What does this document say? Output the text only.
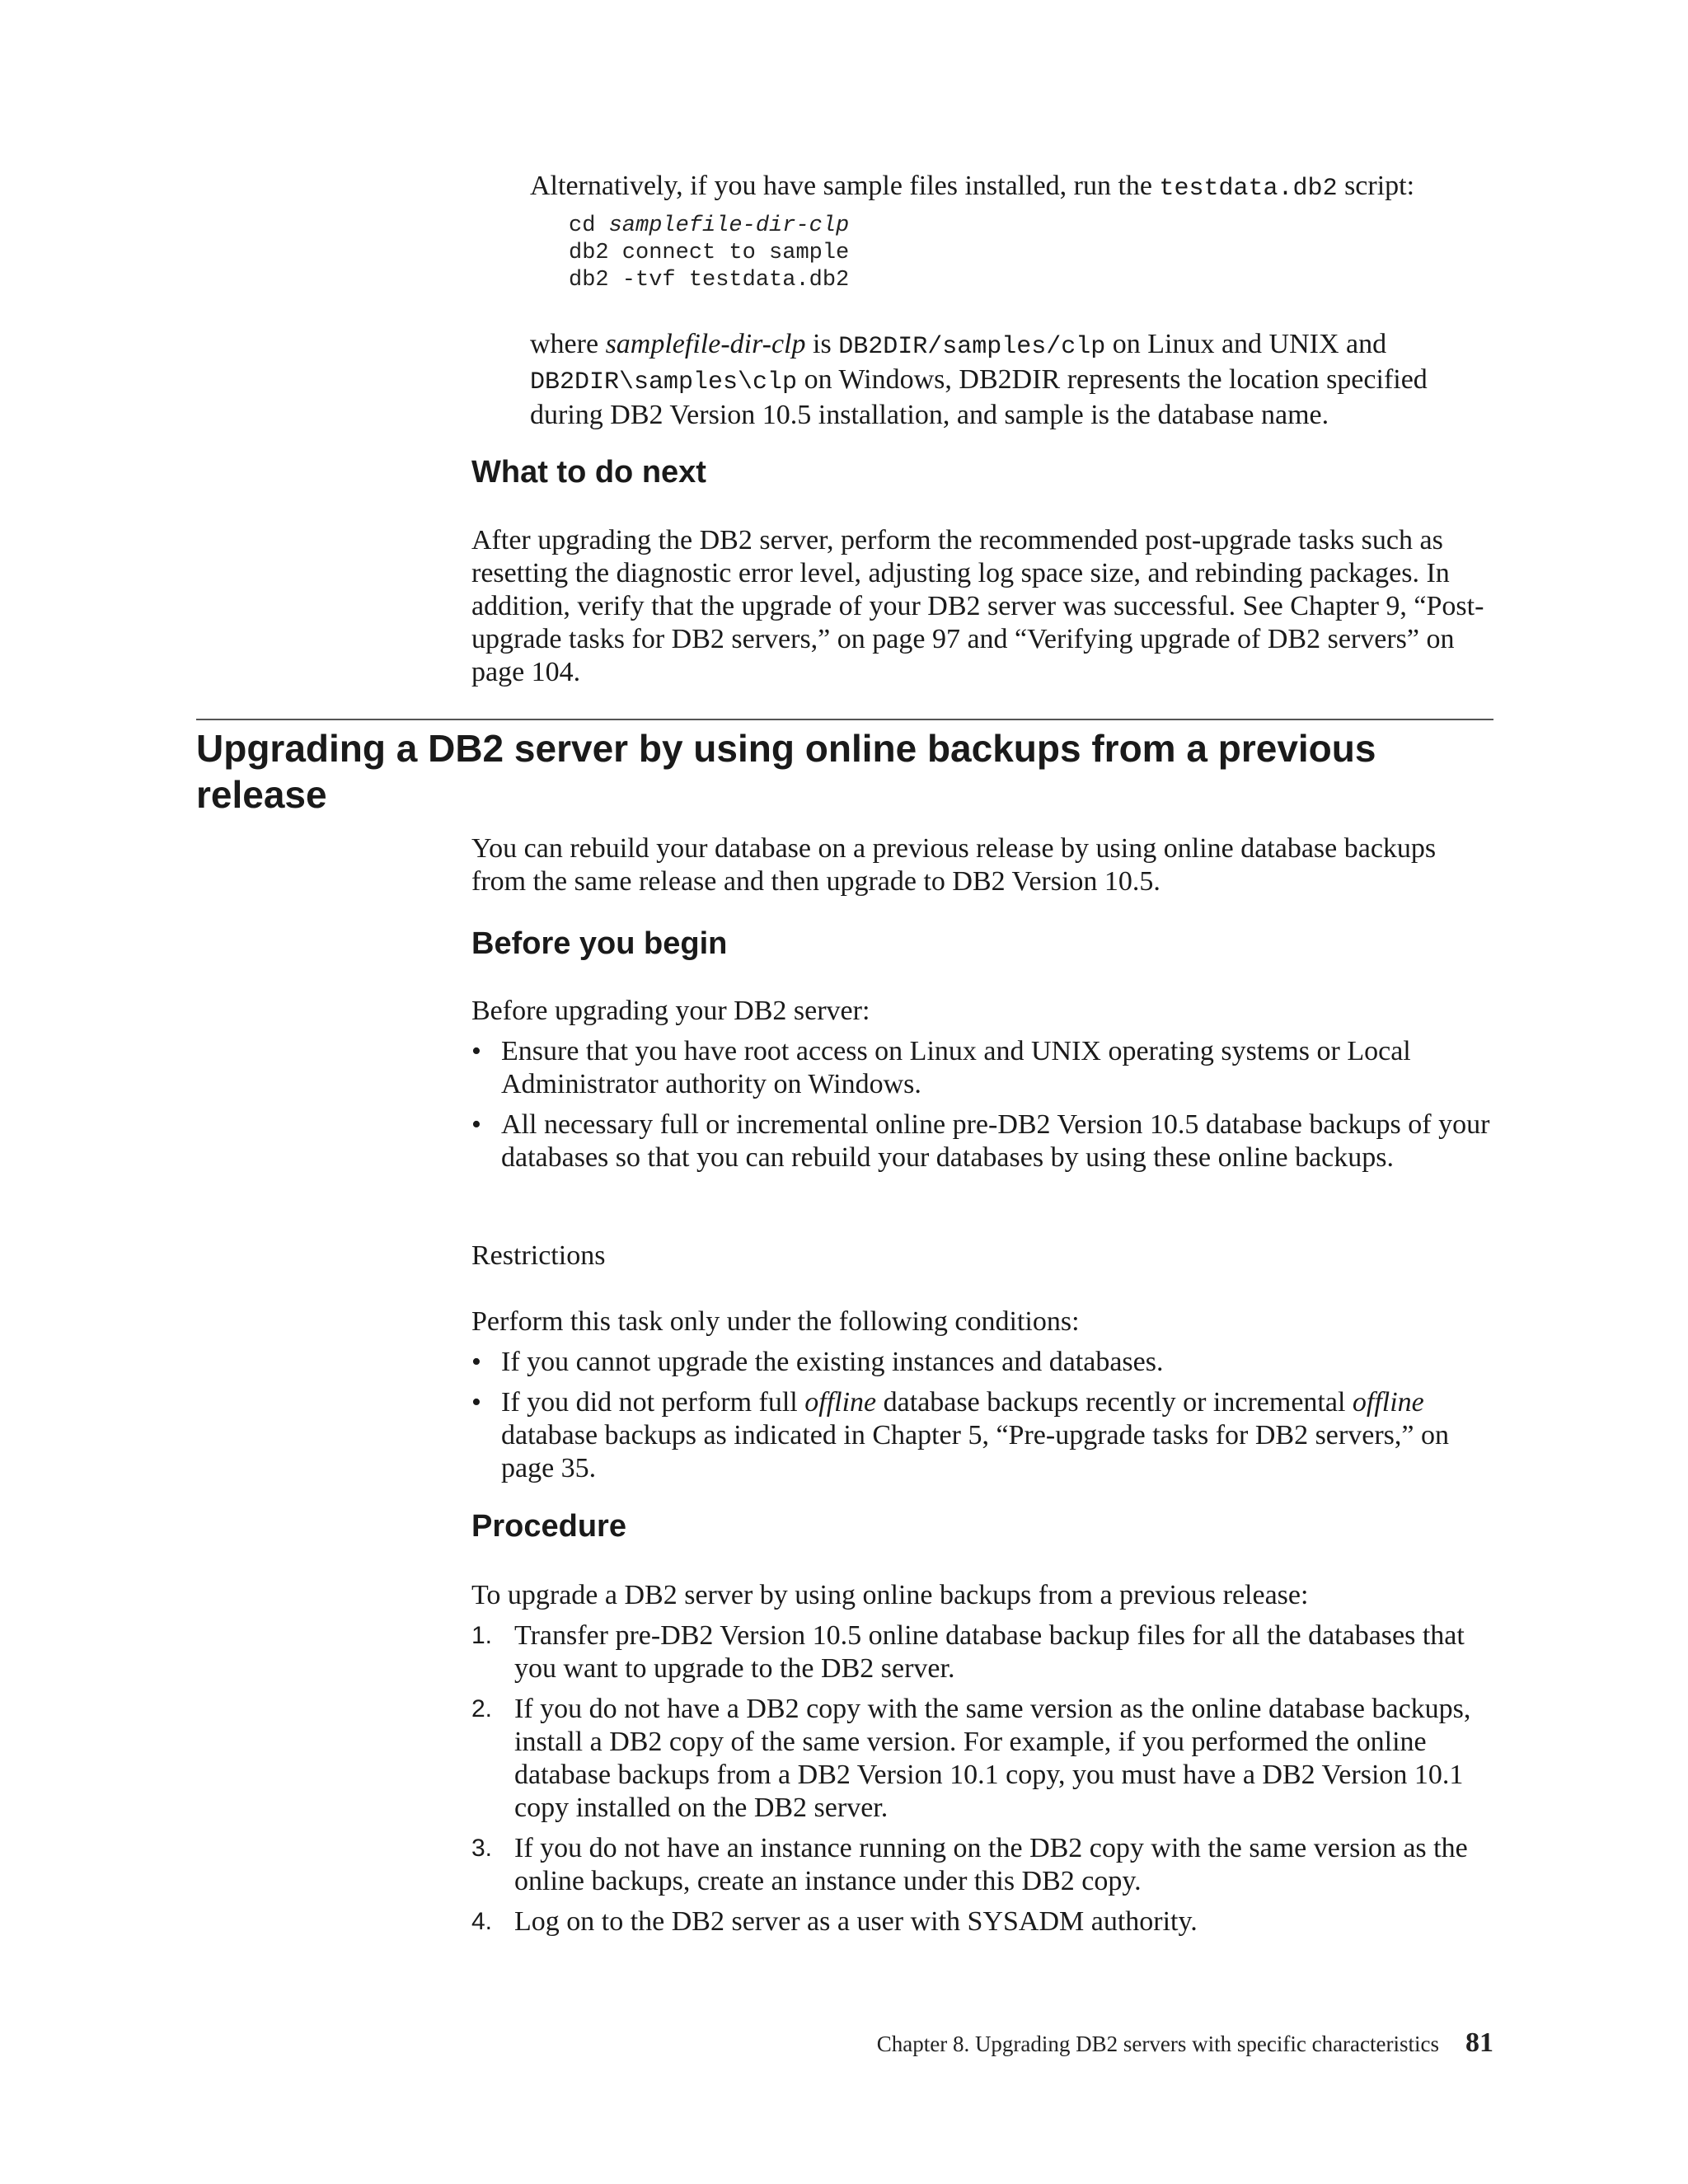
Alternatively, if you have sample files installed, run the testdata.db2 script:

cd samplefile-dir-clp
db2 connect to sample
db2 -tvf testdata.db2

where samplefile-dir-clp is DB2DIR/samples/clp on Linux and UNIX and
DB2DIR\samples\clp on Windows, DB2DIR represents the location specified
during DB2 Version 10.5 installation, and sample is the database name.

What to do next

After upgrading the DB2 server, perform the recommended post-upgrade tasks such as resetting the diagnostic error level, adjusting log space size, and rebinding packages. In addition, verify that the upgrade of your DB2 server was successful. See Chapter 9, “Post-upgrade tasks for DB2 servers,” on page 97 and “Verifying upgrade of DB2 servers” on page 104.

Upgrading a DB2 server by using online backups from a previous release

You can rebuild your database on a previous release by using online database backups from the same release and then upgrade to DB2 Version 10.5.

Before you begin

Before upgrading your DB2 server:

• Ensure that you have root access on Linux and UNIX operating systems or Local Administrator authority on Windows.
• All necessary full or incremental online pre-DB2 Version 10.5 database backups of your databases so that you can rebuild your databases by using these online backups.

Restrictions

Perform this task only under the following conditions:

• If you cannot upgrade the existing instances and databases.
• If you did not perform full offline database backups recently or incremental offline database backups as indicated in Chapter 5, “Pre-upgrade tasks for DB2 servers,” on page 35.
Procedure

To upgrade a DB2 server by using online backups from a previous release:

1. Transfer pre-DB2 Version 10.5 online database backup files for all the databases that you want to upgrade to the DB2 server.
2. If you do not have a DB2 copy with the same version as the online database backups, install a DB2 copy of the same version. For example, if you performed the online database backups from a DB2 Version 10.1 copy, you must have a DB2 Version 10.1 copy installed on the DB2 server.
3. If you do not have an instance running on the DB2 copy with the same version as the online backups, create an instance under this DB2 copy.
4. Log on to the DB2 server as a user with SYSADM authority.
Chapter 8. Upgrading DB2 servers with specific characteristics 81
